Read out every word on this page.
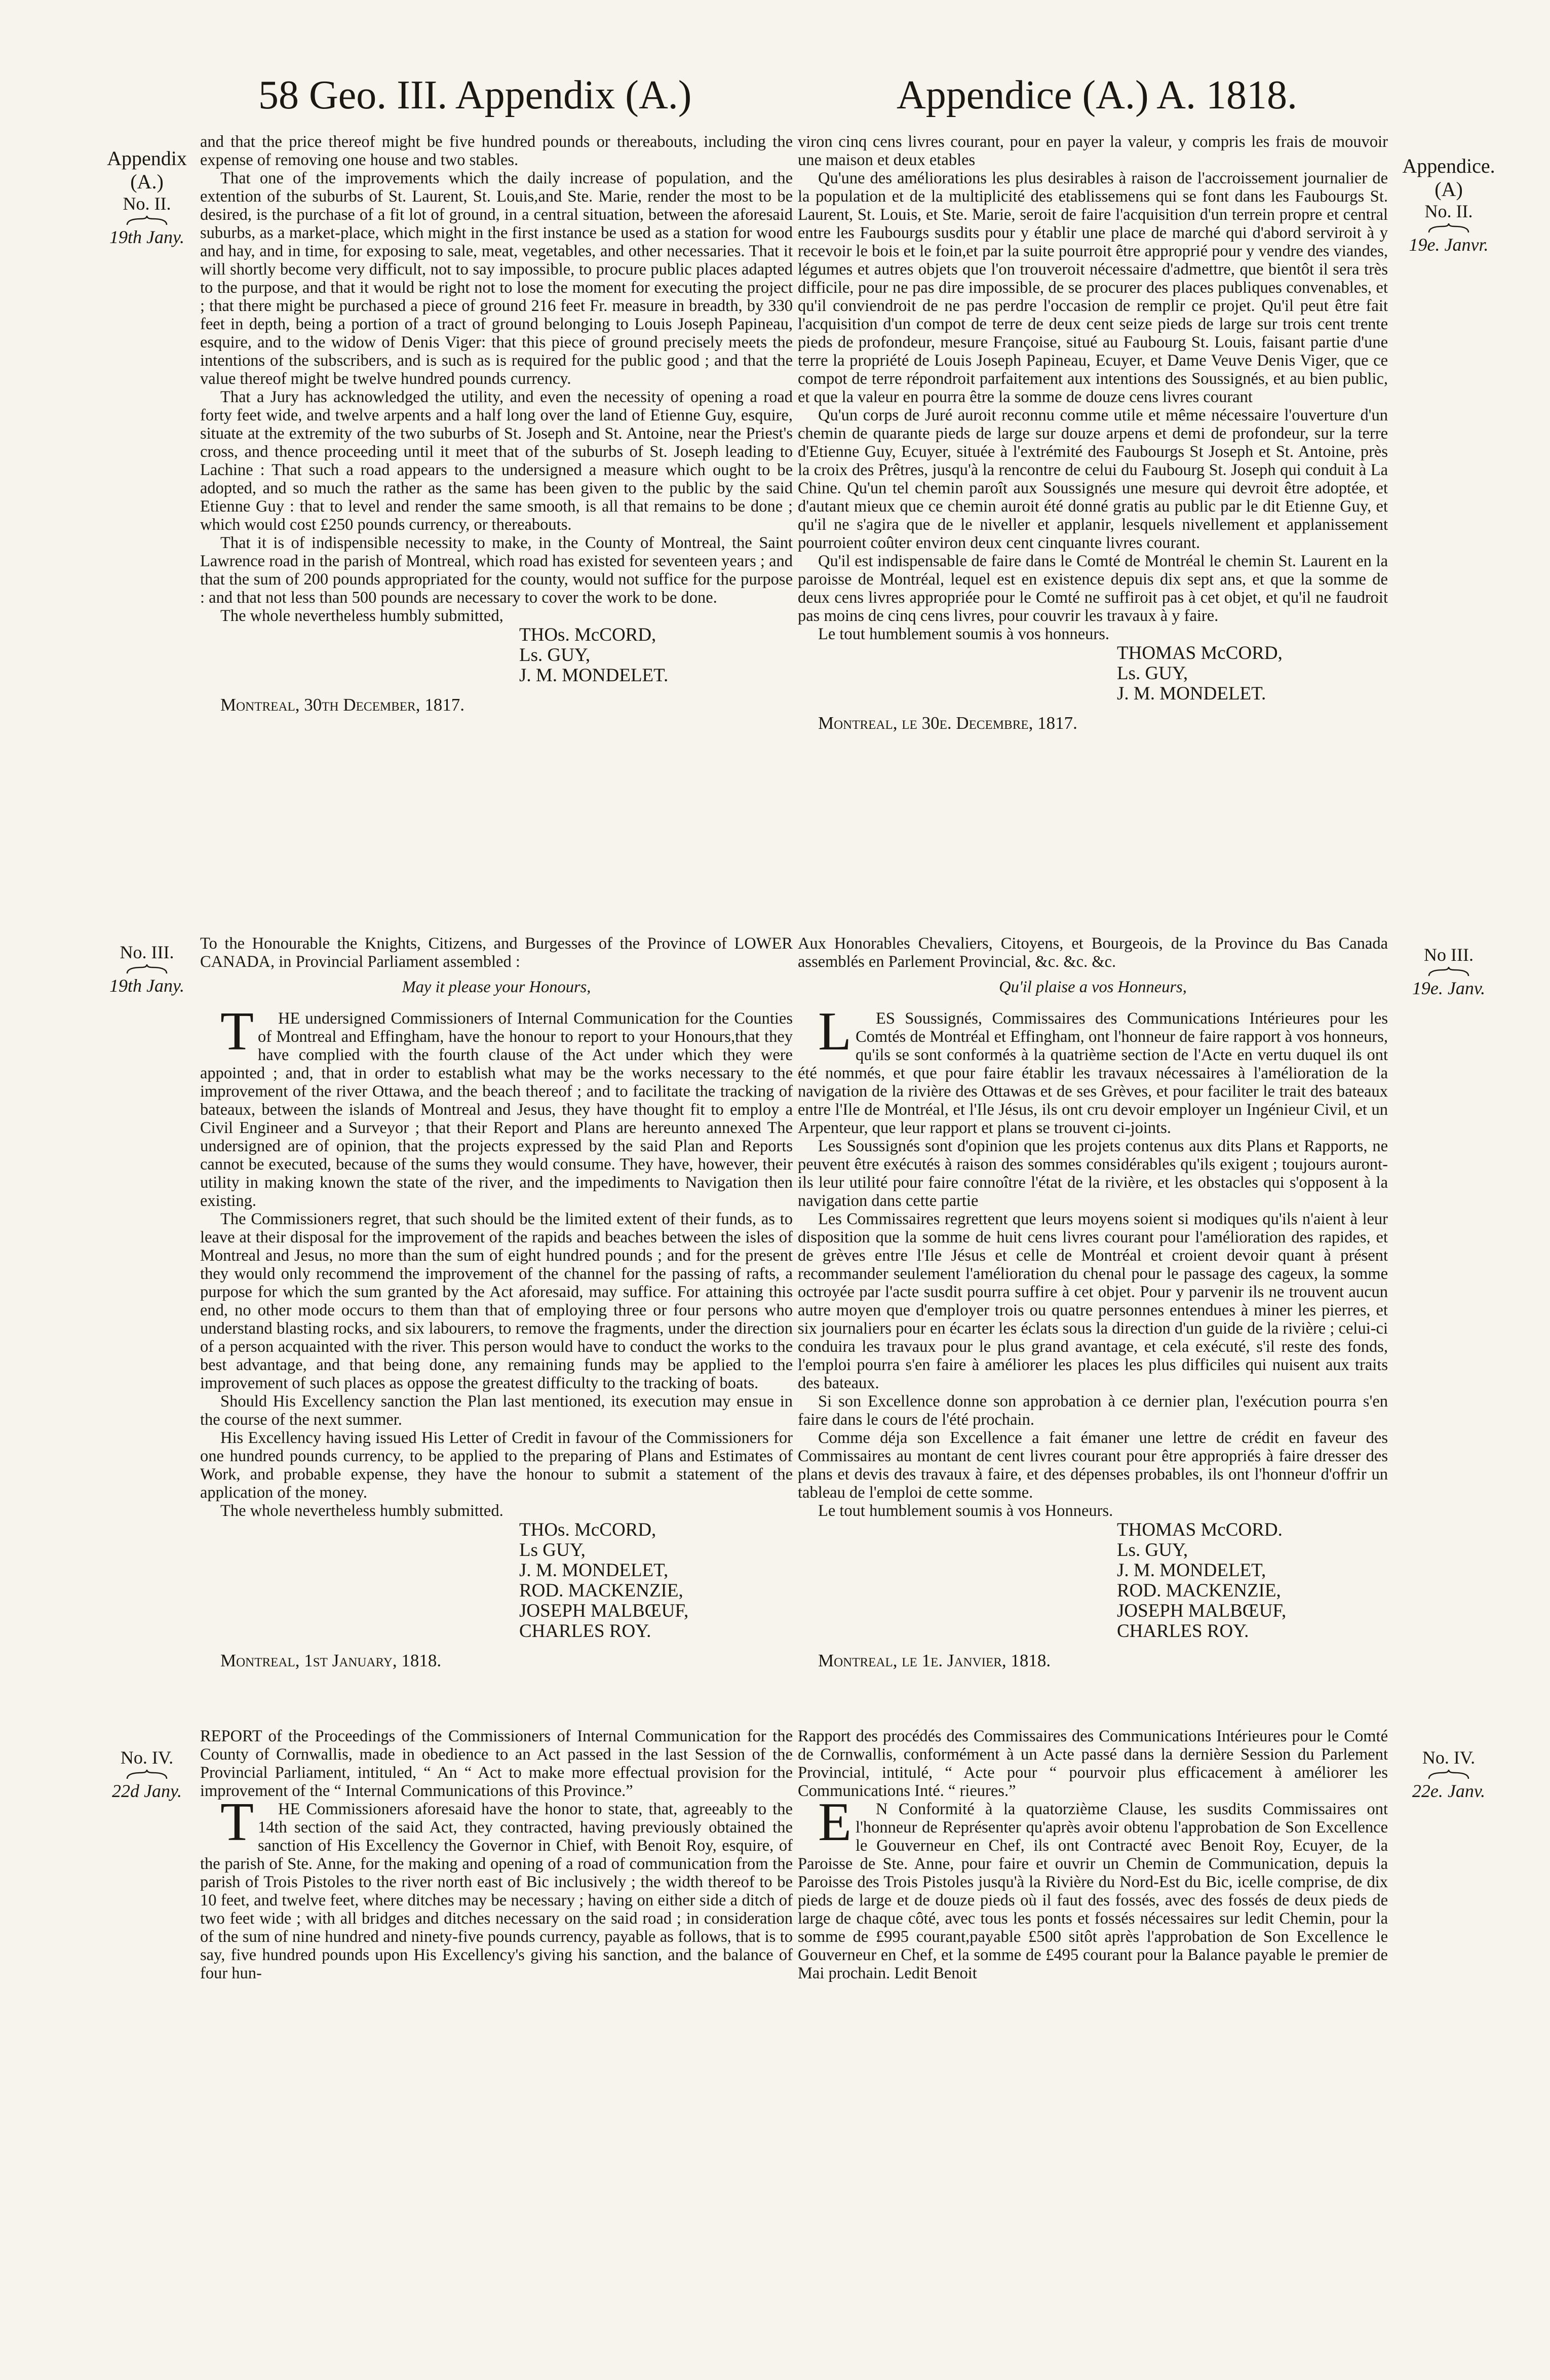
58 Geo. III. Appendix (A.)	Appendice (A.) A. 1818.
Appendix
(A.)
No. II.
19th Jany.
Appendice.
(A)
No. II.
19e. Janvr.
No. III.
19th Jany.
No III.
19e. Janv.
No. IV.
22d Jany.
No. IV.
22e. Janv.

and that the price thereof might be five hundred pounds or thereabouts, including the expense of removing one house and two stables.

That one of the improvements which the daily increase of population, and the extention of the suburbs of St. Laurent, St. Louis,and Ste. Marie, render the most to be desired, is the purchase of a fit lot of ground, in a central situation, between the aforesaid suburbs, as a market-place, which might in the first instance be used as a station for wood and hay, and in time, for exposing to sale, meat, vegetables, and other necessaries. That it will shortly become very difficult, not to say impossible, to procure public places adapted to the purpose, and that it would be right not to lose the moment for executing the project ; that there might be purchased a piece of ground 216 feet Fr. measure in breadth, by 330 feet in depth, being a portion of a tract of ground belonging to Louis Joseph Papineau, esquire, and to the widow of Denis Viger: that this piece of ground precisely meets the intentions of the subscribers, and is such as is required for the public good ; and that the value thereof might be twelve hundred pounds currency.

That a Jury has acknowledged the utility, and even the necessity of opening a road forty feet wide, and twelve arpents and a half long over the land of Etienne Guy, esquire, situate at the extremity of the two suburbs of St. Joseph and St. Antoine, near the Priest's cross, and thence proceeding until it meet that of the suburbs of St. Joseph leading to Lachine : That such a road appears to the undersigned a measure which ought to be adopted, and so much the rather as the same has been given to the public by the said Etienne Guy : that to level and render the same smooth, is all that remains to be done ; which would cost £250 pounds currency, or thereabouts.

That it is of indispensible necessity to make, in the County of Montreal, the Saint Lawrence road in the parish of Montreal, which road has existed for seventeen years ; and that the sum of 200 pounds appropriated for the county, would not suffice for the purpose : and that not less than 500 pounds are necessary to cover the work to be done.

The whole nevertheless humbly submitted,

THOs. McCORD,
Ls. GUY,
J. M. MONDELET.
Montreal, 30th December, 1817.

viron cinq cens livres courant, pour en payer la valeur, y compris les frais de mouvoir une maison et deux etables

Qu'une des améliorations les plus desirables à raison de l'accroissement journalier de la population et de la multiplicité des etablissemens qui se font dans les Faubourgs St. Laurent, St. Louis, et Ste. Marie, seroit de faire l'acquisition d'un terrein propre et central entre les Faubourgs susdits pour y établir une place de marché qui d'abord serviroit à y recevoir le bois et le foin,et par la suite pourroit être approprié pour y vendre des viandes, légumes et autres objets que l'on trouveroit nécessaire d'admettre, que bientôt il sera très difficile, pour ne pas dire impossible, de se procurer des places publiques convenables, et qu'il conviendroit de ne pas perdre l'occasion de remplir ce projet. Qu'il peut être fait l'acquisition d'un compot de terre de deux cent seize pieds de large sur trois cent trente pieds de profondeur, mesure Françoise, situé au Faubourg St. Louis, faisant partie d'une terre la propriété de Louis Joseph Papineau, Ecuyer, et Dame Veuve Denis Viger, que ce compot de terre répondroit parfaitement aux intentions des Soussignés, et au bien public, et que la valeur en pourra être la somme de douze cens livres courant

Qu'un corps de Juré auroit reconnu comme utile et même nécessaire l'ouverture d'un chemin de quarante pieds de large sur douze arpens et demi de profondeur, sur la terre d'Etienne Guy, Ecuyer, située à l'extrémité des Faubourgs St Joseph et St. Antoine, près la croix des Prêtres, jusqu'à la rencontre de celui du Faubourg St. Joseph qui conduit à La Chine. Qu'un tel chemin paroît aux Soussignés une mesure qui devroit être adoptée, et d'autant mieux que ce chemin auroit été donné gratis au public par le dit Etienne Guy, et qu'il ne s'agira que de le niveller et applanir, lesquels nivellement et applanissement pourroient coûter environ deux cent cinquante livres courant.

Qu'il est indispensable de faire dans le Comté de Montréal le chemin St. Laurent en la paroisse de Montréal, lequel est en existence depuis dix sept ans, et que la somme de deux cens livres appropriée pour le Comté ne suffiroit pas à cet objet, et qu'il ne faudroit pas moins de cinq cens livres, pour couvrir les travaux à y faire.

Le tout humblement soumis à vos honneurs.

THOMAS McCORD,
Ls. GUY,
J. M. MONDELET.
Montreal, le 30e. Decembre, 1817.

To the Honourable the Knights, Citizens, and Burgesses of the Province of LOWER CANADA, in Provincial Parliament assembled :

May it please your Honours,

THE undersigned Commissioners of Internal Communication for the Counties of Montreal and Effingham, have the honour to report to your Honours,that they have complied with the fourth clause of the Act under which they were appointed ; and, that in order to establish what may be the works necessary to the improvement of the river Ottawa, and the beach thereof ; and to facilitate the tracking of bateaux, between the islands of Montreal and Jesus, they have thought fit to employ a Civil Engineer and a Surveyor ; that their Report and Plans are hereunto annexed The undersigned are of opinion, that the projects expressed by the said Plan and Reports cannot be executed, because of the sums they would consume. They have, however, their utility in making known the state of the river, and the impediments to Navigation then existing.

The Commissioners regret, that such should be the limited extent of their funds, as to leave at their disposal for the improvement of the rapids and beaches between the isles of Montreal and Jesus, no more than the sum of eight hundred pounds ; and for the present they would only recommend the improvement of the channel for the passing of rafts, a purpose for which the sum granted by the Act aforesaid, may suffice. For attaining this end, no other mode occurs to them than that of employing three or four persons who understand blasting rocks, and six labourers, to remove the fragments, under the direction of a person acquainted with the river. This person would have to conduct the works to the best advantage, and that being done, any remaining funds may be applied to the improvement of such places as oppose the greatest difficulty to the tracking of boats.

Should His Excellency sanction the Plan last mentioned, its execution may ensue in the course of the next summer.

His Excellency having issued His Letter of Credit in favour of the Commissioners for one hundred pounds currency, to be applied to the preparing of Plans and Estimates of Work, and probable expense, they have the honour to submit a statement of the application of the money.

The whole nevertheless humbly submitted.

THOs. McCORD,
Ls GUY,
J. M. MONDELET,
ROD. MACKENZIE,
JOSEPH MALBŒUF,
CHARLES ROY.
Montreal, 1st January, 1818.

Aux Honorables Chevaliers, Citoyens, et Bourgeois, de la Province du Bas Canada assemblés en Parlement Provincial, &c. &c. &c.

Qu'il plaise a vos Honneurs,

LES Soussignés, Commissaires des Communications Intérieures pour les Comtés de Montréal et Effingham, ont l'honneur de faire rapport à vos honneurs, qu'ils se sont conformés à la quatrième section de l'Acte en vertu duquel ils ont été nommés, et que pour faire établir les travaux nécessaires à l'amélioration de la navigation de la rivière des Ottawas et de ses Grèves, et pour faciliter le trait des bateaux entre l'Ile de Montréal, et l'Ile Jésus, ils ont cru devoir employer un Ingénieur Civil, et un Arpenteur, que leur rapport et plans se trouvent ci-joints.

Les Soussignés sont d'opinion que les projets contenus aux dits Plans et Rapports, ne peuvent être exécutés à raison des sommes considérables qu'ils exigent ; toujours auront-ils leur utilité pour faire connoître l'état de la rivière, et les obstacles qui s'opposent à la navigation dans cette partie

Les Commissaires regrettent que leurs moyens soient si modiques qu'ils n'aient à leur disposition que la somme de huit cens livres courant pour l'amélioration des rapides, et de grèves entre l'Ile Jésus et celle de Montréal et croient devoir quant à présent recommander seulement l'amélioration du chenal pour le passage des cageux, la somme octroyée par l'acte susdit pourra suffire à cet objet. Pour y parvenir ils ne trouvent aucun autre moyen que d'employer trois ou quatre personnes entendues à miner les pierres, et six journaliers pour en écarter les éclats sous la direction d'un guide de la rivière ; celui-ci conduira les travaux pour le plus grand avantage, et cela exécuté, s'il reste des fonds, l'emploi pourra s'en faire à améliorer les places les plus difficiles qui nuisent aux traits des bateaux.

Si son Excellence donne son approbation à ce dernier plan, l'exécution pourra s'en faire dans le cours de l'été prochain.

Comme déja son Excellence a fait émaner une lettre de crédit en faveur des Commissaires au montant de cent livres courant pour être appropriés à faire dresser des plans et devis des travaux à faire, et des dépenses probables, ils ont l'honneur d'offrir un tableau de l'emploi de cette somme.

Le tout humblement soumis à vos Honneurs.

THOMAS McCORD.
Ls. GUY,
J. M. MONDELET,
ROD. MACKENZIE,
JOSEPH MALBŒUF,
CHARLES ROY.
Montreal, le 1e. Janvier, 1818.

REPORT of the Proceedings of the Commissioners of Internal Communication for the County of Cornwallis, made in obedience to an Act passed in the last Session of the Provincial Parliament, intituled, “ An “ Act to make more effectual provision for the improvement of the “ Internal Communications of this Province.”

THE Commissioners aforesaid have the honor to state, that, agreeably to the 14th section of the said Act, they contracted, having previously obtained the sanction of His Excellency the Governor in Chief, with Benoit Roy, esquire, of the parish of Ste. Anne, for the making and opening of a road of communication from the parish of Trois Pistoles to the river north east of Bic inclusively ; the width thereof to be 10 feet, and twelve feet, where ditches may be necessary ; having on either side a ditch of two feet wide ; with all bridges and ditches necessary on the said road ; in consideration of the sum of nine hundred and ninety-five pounds currency, payable as follows, that is to say, five hundred pounds upon His Excellency's giving his sanction, and the balance of four hun-

Rapport des procédés des Commissaires des Communications Intérieures pour le Comté de Cornwallis, conformément à un Acte passé dans la dernière Session du Parlement Provincial, intitulé, “ Acte pour “ pourvoir plus efficacement à améliorer les Communications Inté. “ rieures.”

EN Conformité à la quatorzième Clause, les susdits Commissaires ont l'honneur de Représenter qu'après avoir obtenu l'approbation de Son Excellence le Gouverneur en Chef, ils ont Contracté avec Benoit Roy, Ecuyer, de la Paroisse de Ste. Anne, pour faire et ouvrir un Chemin de Communication, depuis la Paroisse des Trois Pistoles jusqu'à la Rivière du Nord-Est du Bic, icelle comprise, de dix pieds de large et de douze pieds où il faut des fossés, avec des fossés de deux pieds de large de chaque côté, avec tous les ponts et fossés nécessaires sur ledit Chemin, pour la somme de £995 courant,payable £500 sitôt après l'approbation de Son Excellence le Gouverneur en Chef, et la somme de £495 courant pour la Balance payable le premier de Mai prochain. Ledit Benoit
